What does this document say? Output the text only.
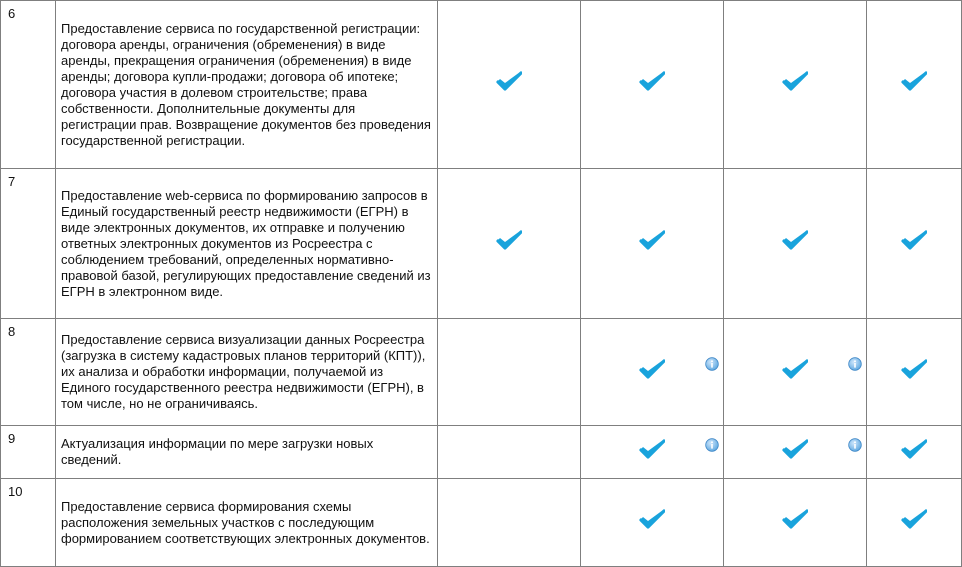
6	Предоставление сервиса по государственной регистрации: договора аренды, ограничения (обременения) в виде аренды, прекращения ограничения (обременения) в виде аренды; договора купли-продажи; договора об ипотеке; договора участия в долевом строительстве; права собственности. Дополнительные документы для регистрации прав. Возвращение документов без проведения государственной регистрации.				
7	Предоставление web-сервиса по формированию запросов в Единый государственный реестр недвижимости (ЕГРН) в виде электронных документов, их отправке и получению ответных электронных документов из Росреестра с соблюдением требований, определенных нормативно-правовой базой, регулирующих предоставление сведений из ЕГРН в электронном виде.				
8	Предоставление сервиса визуализации данных Росреестра (загрузка в систему кадастровых планов территорий (КПТ)), их анализа и обработки информации, получаемой из Единого государственного реестра недвижимости (ЕГРН), в том числе, но не ограничиваясь.		

9	Актуализация информации по мере загрузки новых сведений.		

10	Предоставление сервиса формирования схемы расположения земельных участков с последующим формированием соответствующих электронных документов.				
